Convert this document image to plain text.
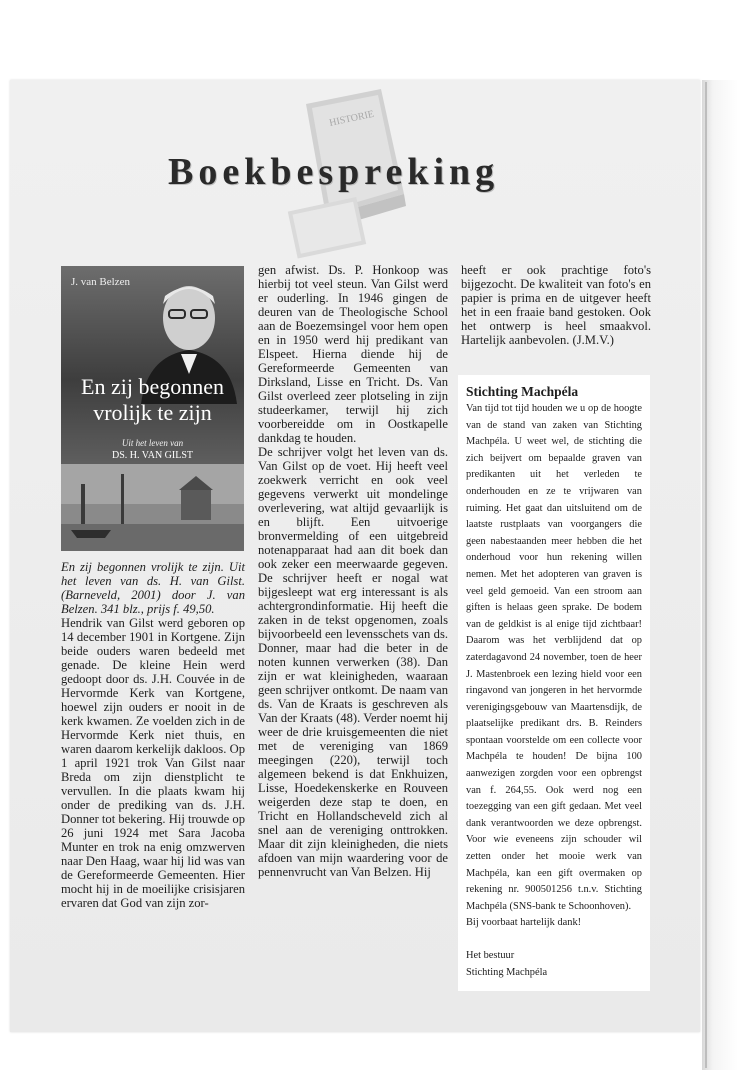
HISTORIE
Boekbespreking
J. van Belzen
En zij begonnen
vrolijk te zijn
Uit het leven van
DS. H. VAN GILST

En zij begonnen vrolijk te zijn. Uit het leven van ds. H. van Gilst. (Barneveld, 2001) door J. van Belzen. 341 blz., prijs f. 49,50.

Hendrik van Gilst werd geboren op 14 december 1901 in Kortgene. Zijn beide ouders waren bedeeld met genade. De kleine Hein werd gedoopt door ds. J.H. Couvée in de Hervormde Kerk van Kortgene, hoewel zijn ouders er nooit in de kerk kwamen. Ze voelden zich in de Hervormde Kerk niet thuis, en waren daarom kerkelijk dakloos. Op 1 april 1921 trok Van Gilst naar Breda om zijn dienstplicht te vervullen. In die plaats kwam hij onder de prediking van ds. J.H. Donner tot bekering. Hij trouwde op 26 juni 1924 met Sara Jacoba Munter en trok na enig omzwerven naar Den Haag, waar hij lid was van de Gereformeerde Gemeenten. Hier mocht hij in de moeilijke crisisjaren ervaren dat God van zijn zor-

gen afwist. Ds. P. Honkoop was hierbij tot veel steun. Van Gilst werd er ouderling. In 1946 gingen de deuren van de Theologische School aan de Boezemsingel voor hem open en in 1950 werd hij predikant van Elspeet. Hierna diende hij de Gereformeerde Gemeenten van Dirksland, Lisse en Tricht. Ds. Van Gilst overleed zeer plotseling in zijn studeerkamer, terwijl hij zich voorbereidde om in Oostkapelle dankdag te houden.

De schrijver volgt het leven van ds. Van Gilst op de voet. Hij heeft veel zoekwerk verricht en ook veel gegevens verwerkt uit mondelinge overlevering, wat altijd gevaarlijk is en blijft. Een uitvoerige bronvermelding of een uitgebreid notenapparaat had aan dit boek dan ook zeker een meerwaarde gegeven. De schrijver heeft er nogal wat bijgesleept wat erg interessant is als achtergrondinformatie. Hij heeft die zaken in de tekst opgenomen, zoals bijvoorbeeld een levensschets van ds. Donner, maar had die beter in de noten kunnen verwerken (38). Dan zijn er wat kleinigheden, waaraan geen schrijver ontkomt. De naam van ds. Van de Kraats is geschreven als Van der Kraats (48). Verder noemt hij weer de drie kruisgemeenten die niet met de vereniging van 1869 meegingen (220), terwijl toch algemeen bekend is dat Enkhuizen, Lisse, Hoedekenskerke en Rouveen weigerden deze stap te doen, en Tricht en Hollandscheveld zich al snel aan de vereniging onttrokken. Maar dit zijn kleinigheden, die niets afdoen van mijn waardering voor de pennenvrucht van Van Belzen. Hij

heeft er ook prachtige foto's bijgezocht. De kwaliteit van foto's en papier is prima en de uitgever heeft het in een fraaie band gestoken. Ook het ontwerp is heel smaakvol. Hartelijk aanbevolen. (J.M.V.)

Stichting Machpéla

Van tijd tot tijd houden we u op de hoogte van de stand van zaken van Stichting Machpéla. U weet wel, de stichting die zich beijvert om bepaalde graven van predikanten uit het verleden te onderhouden en ze te vrijwaren van ruiming. Het gaat dan uitsluitend om de laatste rustplaats van voorgangers die geen nabestaanden meer hebben die het onderhoud voor hun rekening willen nemen. Met het adopteren van graven is veel geld gemoeid. Van een stroom aan giften is helaas geen sprake. De bodem van de geldkist is al enige tijd zichtbaar! Daarom was het verblijdend dat op zaterdagavond 24 november, toen de heer J. Mastenbroek een lezing hield voor een ringavond van jongeren in het hervormde verenigingsgebouw van Maartensdijk, de plaatselijke predikant drs. B. Reinders spontaan voorstelde om een collecte voor Machpéla te houden! De bijna 100 aanwezigen zorgden voor een opbrengst van f. 264,55. Ook werd nog een toezegging van een gift gedaan. Met veel dank verantwoorden we deze opbrengst. Voor wie eveneens zijn schouder wil zetten onder het mooie werk van Machpéla, kan een gift overmaken op rekening nr. 900501256 t.n.v. Stichting Machpéla (SNS-bank te Schoonhoven).

Bij voorbaat hartelijk dank!

Het bestuur

Stichting Machpéla
